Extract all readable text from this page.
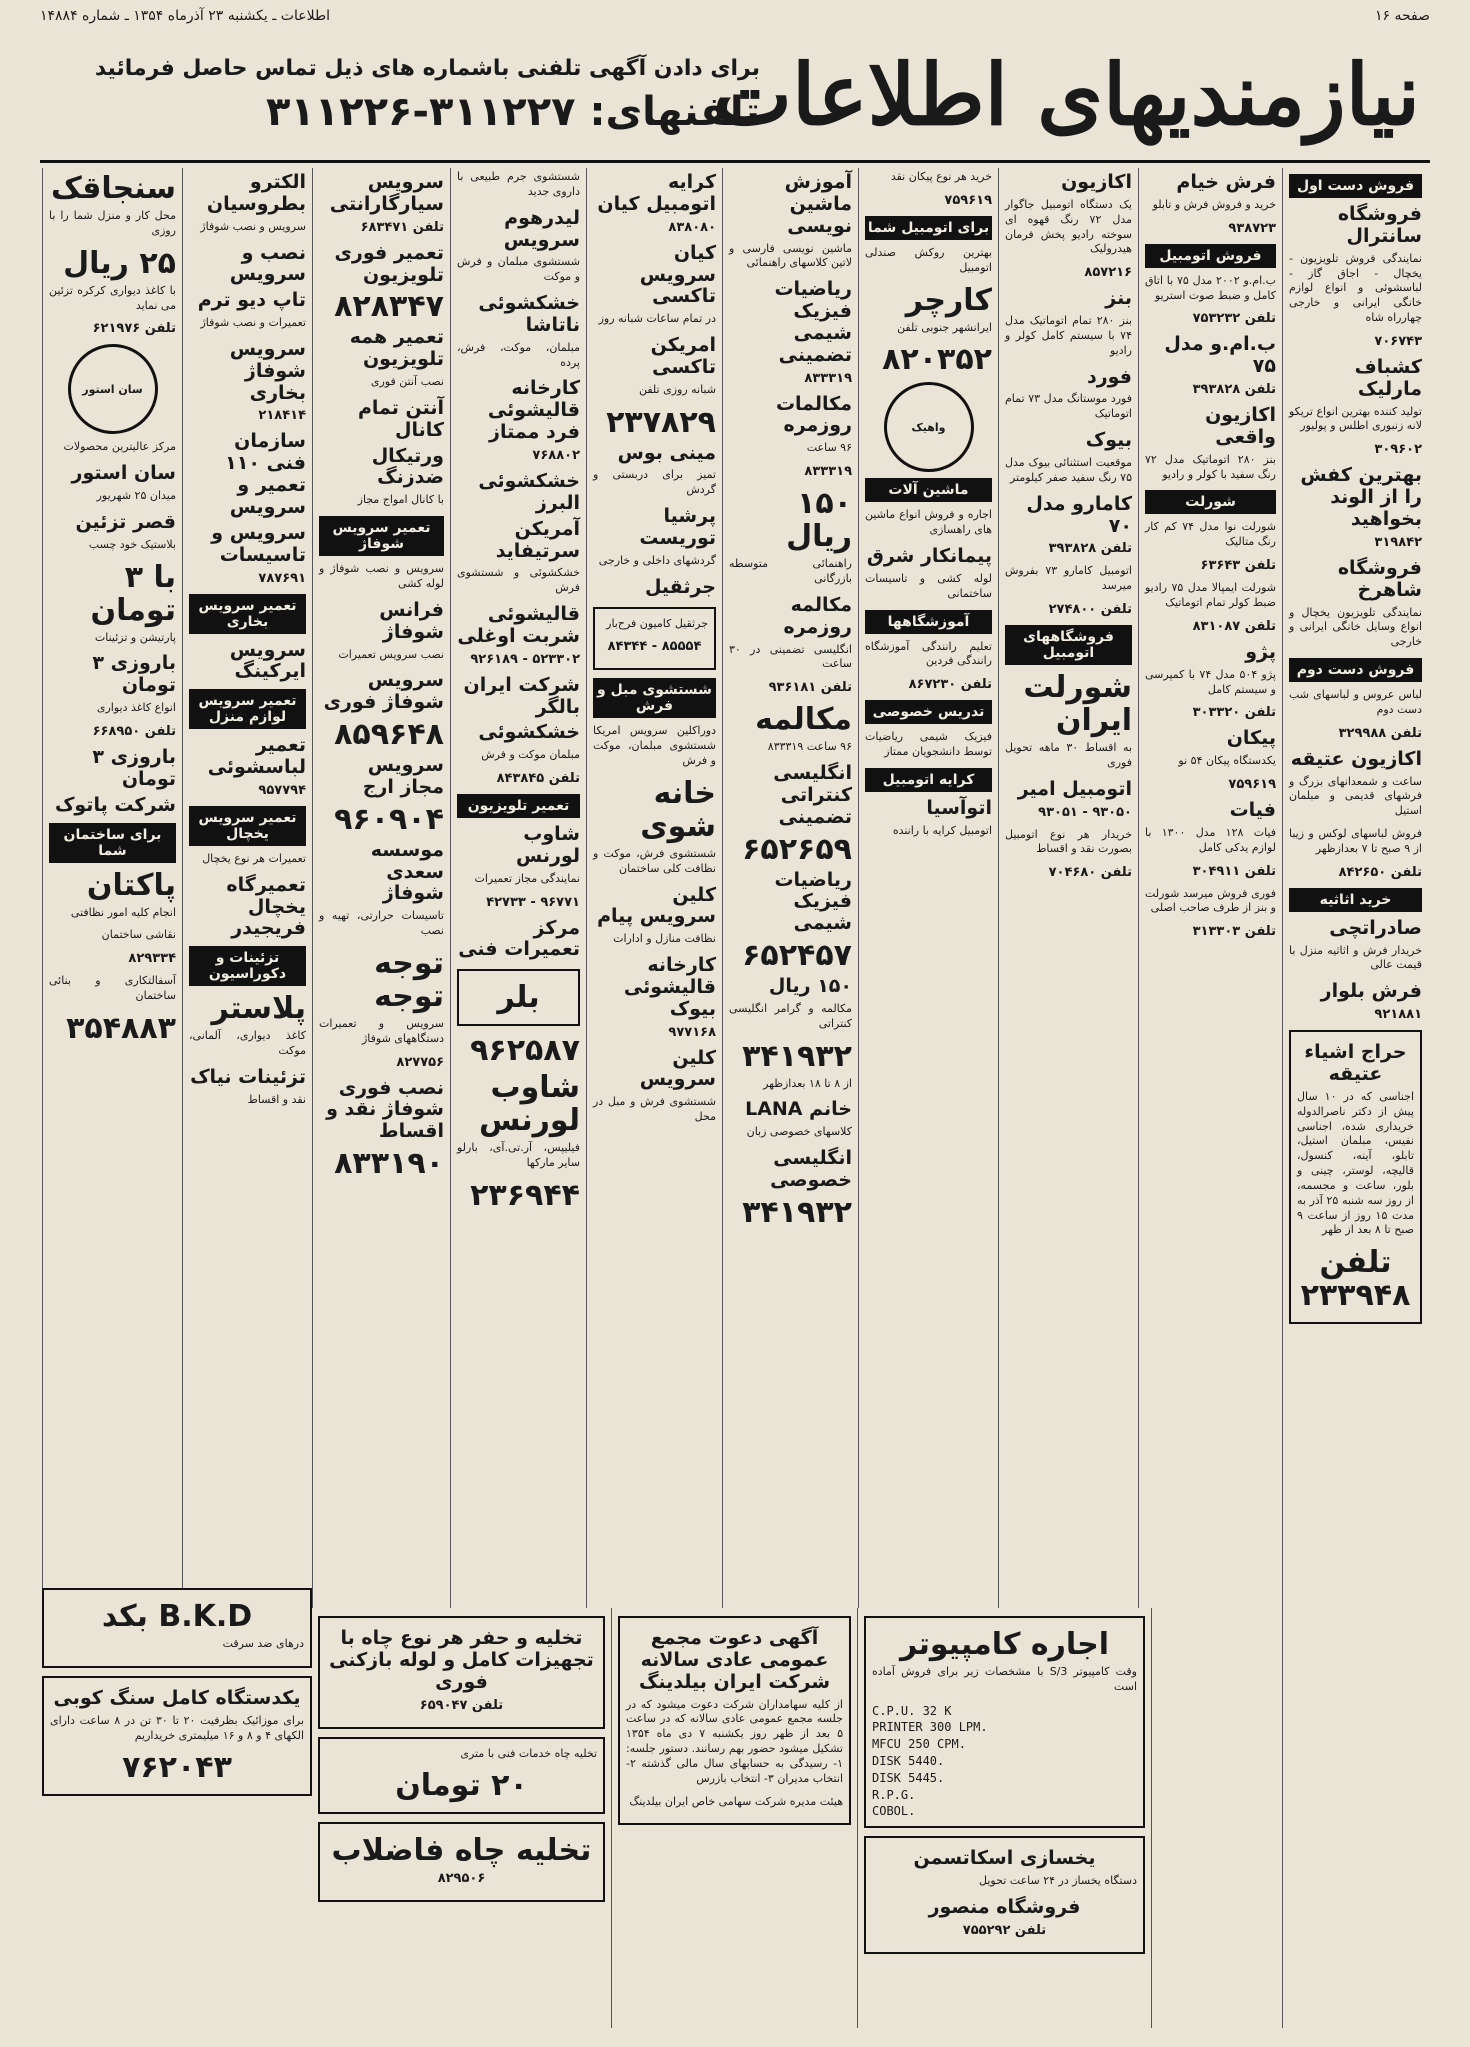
صفحه ۱۶
اطلاعات ـ یکشنبه ۲۳ آذرماه ۱۳۵۴ ـ شماره ۱۴۸۸۴
نیازمندیهای اطلاعات
برای دادن آگهی تلفنی باشماره های ذیل تماس حاصل فرمائید
تلفنهای: ۳۱۱۲۲۷-۳۱۱۲۲۶
فروش دست اول
فروشگاه سانترال
نمایندگی فروش تلویزیون - یخچال - اجاق گاز - لباسشوئی و انواع لوازم خانگی ایرانی و خارجی چهارراه شاه
۷۰۶۷۴۳
کشباف مارلیک
تولید کننده بهترین انواع تریکو لانه زنبوری اطلس و پولیور
۳۰۹۶۰۲
بهترین کفش را از الوند بخواهید
۳۱۹۸۴۲
فروشگاه شاهرخ
نمایندگی تلویزیون یخچال و انواع وسایل خانگی ایرانی و خارجی
فروش دست دوم
لباس عروس و لباسهای شب دست دوم
تلفن ۳۲۹۹۸۸
اکازیون عتیقه
ساعت و شمعدانهای بزرگ و فرشهای قدیمی و مبلمان استیل
فروش لباسهای لوکس و زیبا از ۹ صبح تا ۷ بعدازظهر
تلفن ۸۴۲۶۵۰
خرید اثاثیه
صادراتچی
خریدار فرش و اثاثیه منزل با قیمت عالی
فرش بلوار
۹۲۱۸۸۱
حراج اشیاء عتیقه
اجناسی که در ۱۰ سال پیش از دکتر ناصرالدوله خریداری شده، اجناسی نفیس، مبلمان استیل، تابلو، آینه، کنسول، قالیچه، لوستر، چینی و بلور، ساعت و مجسمه، از روز سه شنبه ۲۵ آذر به مدت ۱۵ روز از ساعت ۹ صبح تا ۸ بعد از ظهر
تلفن ۲۳۳۹۴۸
فرش خیام
خرید و فروش فرش و تابلو
۹۳۸۷۲۳
فروش اتومبیل
ب.ام.و ۲۰۰۲ مدل ۷۵ با اتاق کامل و ضبط صوت استریو
تلفن ۷۵۳۲۳۲
ب.ام.و مدل ۷۵
تلفن ۳۹۳۸۲۸
اکازیون واقعی
بنز ۲۸۰ اتوماتیک مدل ۷۲ رنگ سفید با کولر و رادیو
شورلت
شورلت نوا مدل ۷۴ کم کار رنگ متالیک
تلفن ۶۳۶۴۳
شورلت ایمپالا مدل ۷۵ رادیو ضبط کولر تمام اتوماتیک
تلفن ۸۳۱۰۸۷
پژو
پژو ۵۰۴ مدل ۷۴ با کمپرسی و سیستم کامل
تلفن ۳۰۳۳۲۰
پیکان
یکدستگاه پیکان ۵۴ نو
۷۵۹۶۱۹
فیات
فیات ۱۲۸ مدل ۱۳۰۰ با لوازم یدکی کامل
تلفن ۳۰۴۹۱۱
فوری فروش میرسد شورلت و بنز از طرف صاحب اصلی
تلفن ۳۱۳۳۰۳
اکازیون
یک دستگاه اتومبیل جاگوار مدل ۷۲ رنگ قهوه ای سوخته رادیو پخش فرمان هیدرولیک
۸۵۷۲۱۶
بنز
بنز ۲۸۰ تمام اتوماتیک مدل ۷۴ با سیستم کامل کولر و رادیو
فورد
فورد موستانگ مدل ۷۳ تمام اتوماتیک
بیوک
موقعیت استثنائی بیوک مدل ۷۵ رنگ سفید صفر کیلومتر
کامارو مدل ۷۰
تلفن ۳۹۳۸۲۸
اتومبیل کامارو ۷۳ بفروش میرسد
تلفن ۲۷۴۸۰۰
فروشگاههای اتومبیل
شورلت ایران
به اقساط ۳۰ ماهه تحویل فوری
اتومبیل امیر
۹۳۰۵۰ - ۹۳۰۵۱
خریدار هر نوع اتومبیل بصورت نقد و اقساط
تلفن ۷۰۴۶۸۰
خرید هر نوع پیکان نقد
۷۵۹۶۱۹
برای اتومبیل شما
بهترین روکش صندلی اتومبیل
کارچر
ایرانشهر جنوبی تلفن
۸۲۰۳۵۲
واهیک
ماشین آلات
اجاره و فروش انواع ماشین های راهسازی
پیمانکار شرق
لوله کشی و تاسیسات ساختمانی
آموزشگاهها
تعلیم رانندگی آموزشگاه رانندگی فردین
تلفن ۸۶۷۲۳۰
تدریس خصوصی
فیزیک شیمی ریاضیات توسط دانشجویان ممتاز
کرایه اتومبیل
اتوآسیا
اتومبیل کرایه با راننده
آموزش ماشین نویسی
ماشین نویسی فارسی و لاتین کلاسهای راهنمائی
ریاضیات فیزیک شیمی تضمینی
۸۳۳۳۱۹
مکالمات روزمره
۹۶ ساعت
۸۳۳۳۱۹
۱۵۰ ریال
راهنمائی متوسطه بازرگانی
مکالمه روزمره
انگلیسی تضمینی در ۳۰ ساعت
تلفن ۹۳۶۱۸۱
مکالمه
۹۶ ساعت ۸۳۳۳۱۹
انگلیسی کنتراتی تضمینی
۶۵۲۶۵۹
ریاضیات فیزیک شیمی
۶۵۲۴۵۷
۱۵۰ ریال
مکالمه و گرامر انگلیسی کنتراتی
۳۴۱۹۳۲
از ۸ تا ۱۸ بعدازظهر
خانم LANA
کلاسهای خصوصی زبان
انگلیسی خصوصی
۳۴۱۹۳۲
کرایه اتومبیل کیان
۸۳۸۰۸۰
کیان سرویس تاکسی
در تمام ساعات شبانه روز
امریکن تاکسی
شبانه روزی تلفن
۲۳۷۸۲۹
مینی بوس
تمیز برای دربستی و گردش
پرشیا توریست
گردشهای داخلی و خارجی
جرثقیل
جرثقیل کامیون فرح‌بار
۸۵۵۵۴ - ۸۴۳۴۴
شستشوی مبل و فرش
دوراکلین سرویس امریکا شستشوی مبلمان، موکت و فرش
خانه شوی
شستشوی فرش، موکت و نظافت کلی ساختمان
کلین سرویس پیام
نظافت منازل و ادارات
کارخانه قالیشوئی بیوک
۹۷۷۱۶۸
کلین سرویس
شستشوی فرش و مبل در محل
شستشوی جرم طبیعی با داروی جدید
لیدرهوم سرویس
شستشوی مبلمان و فرش و موکت
خشکشوئی ناتاشا
مبلمان، موکت، فرش، پرده
کارخانه قالیشوئی فرد ممتاز
۷۶۸۸۰۲
خشکشوئی البرز
آمریکن سرتیفاید
خشکشوئی و شستشوی فرش
قالیشوئی شربت اوغلی
۵۲۳۳۰۲ - ۹۲۶۱۸۹
شرکت ایران بالگر
خشکشوئی
مبلمان موکت و فرش
تلفن ۸۴۳۸۴۵
تعمیر تلویزیون
شاوب لورنس
نمایندگی مجاز تعمیرات
۹۶۷۷۱ - ۴۲۷۳۳
مرکز تعمیرات فنی
بلر
۹۶۲۵۸۷
شاوب لورنس
فیلیپس، آر.تی.آی، بارلو سایر مارکها
۲۳۶۹۴۴
سرویس سیارگارانتی
تلفن ۶۸۳۴۷۱
تعمیر فوری تلویزیون
۸۲۸۳۴۷
تعمیر همه تلویزیون
نصب آنتن فوری
آنتن تمام کانال
ورتیکال ضدزنگ
با کانال امواج مجاز
تعمیر سرویس شوفاژ
سرویس و نصب شوفاژ و لوله کشی
فرانس شوفاژ
نصب سرویس تعمیرات
سرویس شوفاژ فوری
۸۵۹۶۴۸
سرویس مجاز ارج
۹۶۰۹۰۴
موسسه سعدی شوفاژ
تاسیسات حرارتی، تهیه و نصب
توجه توجه
سرویس و تعمیرات دستگاههای شوفاژ
۸۲۷۷۵۶
نصب فوری شوفاژ نقد و اقساط
۸۳۳۱۹۰
الکترو بطروسیان
سرویس و نصب شوفاژ
نصب و سرویس
تاپ دیو ترم
تعمیرات و نصب شوفاژ
سرویس شوفاژ بخاری
۲۱۸۴۱۴
سازمان فنی ۱۱۰ تعمیر و سرویس
سرویس و تاسیسات
۷۸۷۶۹۱
تعمیر سرویس بخاری
سرویس ایرکینگ
تعمیر سرویس لوازم منزل
تعمیر لباسشوئی
۹۵۷۷۹۴
تعمیر سرویس یخچال
تعمیرات هر نوع یخچال
تعمیرگاه یخچال فریجیدر
تزئینات و دکوراسیون
پلاستر
کاغذ دیواری، آلمانی، موکت
تزئینات نیاک
نقد و اقساط
سنجاقک
محل کار و منزل شما را با روزی
۲۵ ریال
با کاغذ دیواری کرکره تزئین می نماید
تلفن ۶۲۱۹۷۶
سان استور
مرکز عالیترین محصولات
سان استور
میدان ۲۵ شهریور
قصر تزئین
بلاستیک خود چسب
با ۳ تومان
پارتیشن و تزئینات
باروزی ۳ تومان
انواع کاغذ دیواری
تلفن ۶۶۸۹۵۰
باروزی ۳ تومان
شرکت پاتوک
برای ساختمان شما
پاکتان
انجام کلیه امور نظافتی
نقاشی ساختمان
۸۲۹۳۳۴
آسفالتکاری و بنائی ساختمان
۳۵۴۸۸۳
B.K.D بکد
درهای ضد سرقت
یکدستگاه کامل سنگ کوبی
برای موزائیک بظرفیت ۲۰ تا ۳۰ تن در ۸ ساعت دارای الکهای ۴ و ۸ و ۱۶ میلیمتری خریداریم
۷۶۲۰۴۳
تخلیه و حفر هر نوع چاه با تجهیزات کامل و لوله بازکنی فوری
تلفن ۶۵۹۰۴۷
تخلیه چاه خدمات فنی با متری
۲۰ تومان
تخلیه چاه فاضلاب
۸۲۹۵۰۶
آگهی دعوت مجمع عمومی عادی سالانه شرکت ایران بیلدینگ
از کلیه سهامداران شرکت دعوت میشود که در جلسه مجمع عمومی عادی سالانه که در ساعت ۵ بعد از ظهر روز یکشنبه ۷ دی ماه ۱۳۵۴ تشکیل میشود حضور بهم رسانند. دستور جلسه: ۱- رسیدگی به حسابهای سال مالی گذشته ۲- انتخاب مدیران ۳- انتخاب بازرس
هیئت مدیره شرکت سهامی خاص ایران بیلدینگ
اجاره کامپیوتر
وقت کامپیوتر S/3 با مشخصات زیر برای فروش آماده است
C.P.U. 32 K
PRINTER 300 LPM.
MFCU 250 CPM.
DISK 5440.
DISK 5445.
R.P.G.
COBOL.
یخسازی اسکاتسمن
دستگاه یخساز در ۲۴ ساعت تحویل
فروشگاه منصور
تلفن ۷۵۵۲۹۲
